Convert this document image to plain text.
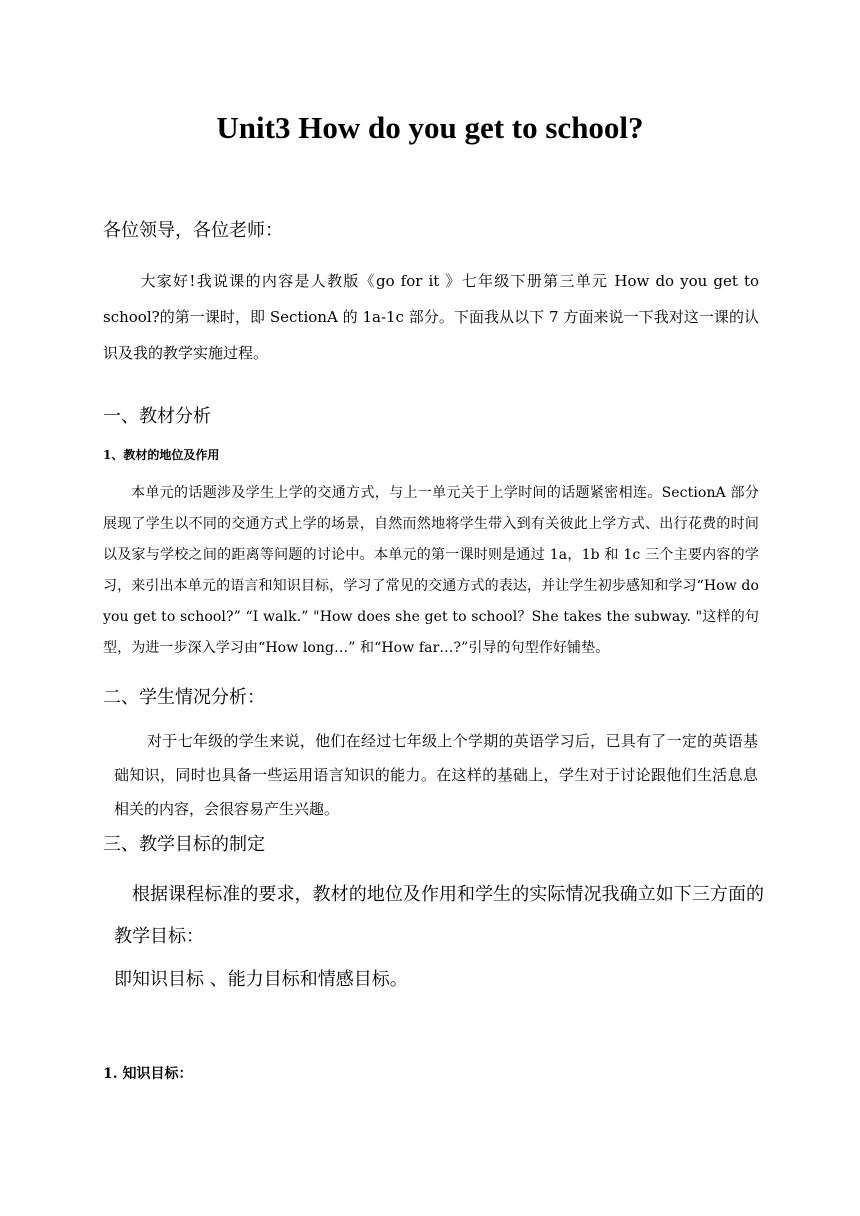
Unit3 How do you get to school?

各位领导，各位老师：

大家好!我说课的内容是人教版《go for it 》七年级下册第三单元 How do you get to school?的第一课时，即 SectionA 的 1a-1c 部分。下面我从以下 7 方面来说一下我对这一课的认识及我的教学实施过程。

一、教材分析
1、教材的地位及作用

本单元的话题涉及学生上学的交通方式，与上一单元关于上学时间的话题紧密相连。SectionA 部分展现了学生以不同的交通方式上学的场景，自然而然地将学生带入到有关彼此上学方式、出行花费的时间以及家与学校之间的距离等问题的讨论中。本单元的第一课时则是通过 1a，1b 和 1c 三个主要内容的学习，来引出本单元的语言和知识目标，学习了常见的交通方式的表达，并让学生初步感知和学习“How do you get to school?” “I walk.” "How does she get to school？She takes the subway. "这样的句型，为进一步深入学习由“How long…” 和“How far…?”引导的句型作好铺垫。

二、学生情况分析：

对于七年级的学生来说，他们在经过七年级上个学期的英语学习后，已具有了一定的英语基础知识，同时也具备一些运用语言知识的能力。在这样的基础上，学生对于讨论跟他们生活息息相关的内容，会很容易产生兴趣。

三、教学目标的制定

根据课程标准的要求，教材的地位及作用和学生的实际情况我确立如下三方面的教学目标：

即知识目标 、能力目标和情感目标。

1. 知识目标：
